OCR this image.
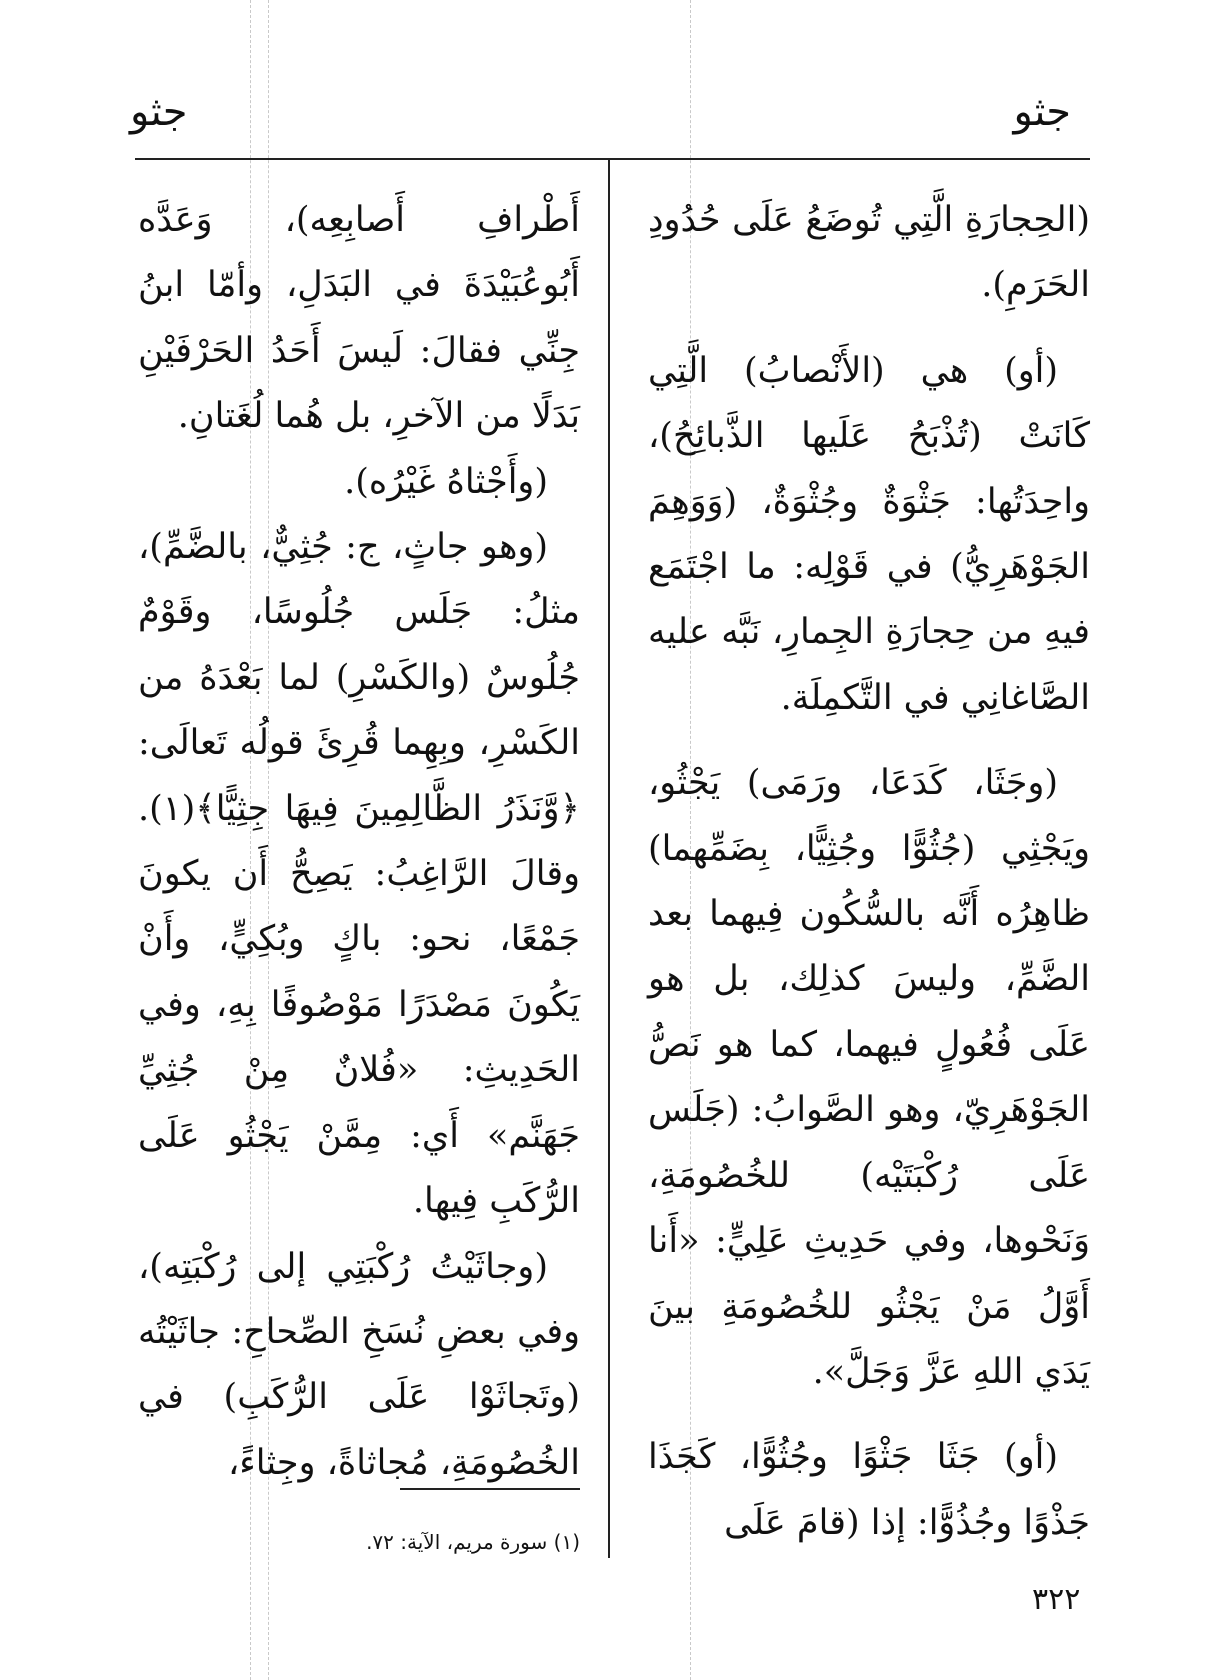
جثو
جثو

(الحِجارَةِ الَّتِي تُوضَعُ عَلَى حُدُودِ الحَرَمِ).

(أو) هي (الأَنْصابُ) الَّتِي كَانَتْ (تُذْبَحُ عَلَيها الذَّبائِحُ)، واحِدَتُها: جَثْوَةٌ وجُثْوَةٌ، (وَوَهِمَ الجَوْهَرِيُّ) في قَوْلِه: ما اجْتَمَع فيهِ من حِجارَةِ الجِمارِ، نَبَّه عليه الصَّاغانِي في التَّكمِلَة.

(وجَثَا، كَدَعَا، ورَمَى) يَجْثُو، ويَجْثِي (جُثُوًّا وجُثِيًّا، بِضَمِّهما) ظاهِرُه أَنَّه بالسُّكُون فِيهما بعد الضَّمِّ، وليسَ كذلِك، بل هو عَلَى فُعُولٍ فيهما، كما هو نَصُّ الجَوْهَرِيّ، وهو الصَّوابُ: (جَلَس عَلَى رُكْبَتَيْه) للخُصُومَةِ، وَنَحْوها، وفي حَدِيثِ عَلِيٍّ: «أَنا أَوَّلُ مَنْ يَجْثُو للخُصُومَةِ بينَ يَدَي اللهِ عَزَّ وَجَلَّ».

(أو) جَثَا جَثْوًا وجُثُوًّا، كَجَذَا جَذْوًا وجُذُوًّا: إذا (قامَ عَلَى

أَطْرافِ أَصابِعِه)، وَعَدَّه أَبُوعُبَيْدَةَ في البَدَلِ، وأمّا ابنُ جِنِّي فقالَ: لَيسَ أَحَدُ الحَرْفَيْنِ بَدَلًا من الآخرِ، بل هُما لُغَتانِ.

(وأَجْثاهُ غَيْرُه).

(وهو جاثٍ، ج: جُثِيٌّ، بالضَّمِّ)، مثلُ: جَلَس جُلُوسًا، وقَوْمٌ جُلُوسٌ (والكَسْرِ) لما بَعْدَهُ من الكَسْرِ، وبِهِما قُرِئَ قولُه تَعالَى: ﴿وَّنَذَرُ الظَّالِمِينَ فِيهَا جِثِيًّا﴾(١). وقالَ الرَّاغِبُ: يَصِحُّ أَن يكونَ جَمْعًا، نحو: باكٍ وبُكِيٍّ، وأَنْ يَكُونَ مَصْدَرًا مَوْصُوفًا بِهِ، وفي الحَدِيثِ: «فُلانٌ مِنْ جُثِيِّ جَهَنَّم» أَي: مِمَّنْ يَجْثُو عَلَى الرُّكَبِ فِيها.

(وجاثَيْتُ رُكْبَتِي إلى رُكْبَتِه)، وفي بعضِ نُسَخِ الصِّحاحِ: جاثَيْتُه (وتَجاثَوْا عَلَى الرُّكَبِ) في الخُصُومَةِ، مُجاثاةً، وجِثاءً،

(١) سورة مريم، الآية: ٧٢.
٣٢٢
